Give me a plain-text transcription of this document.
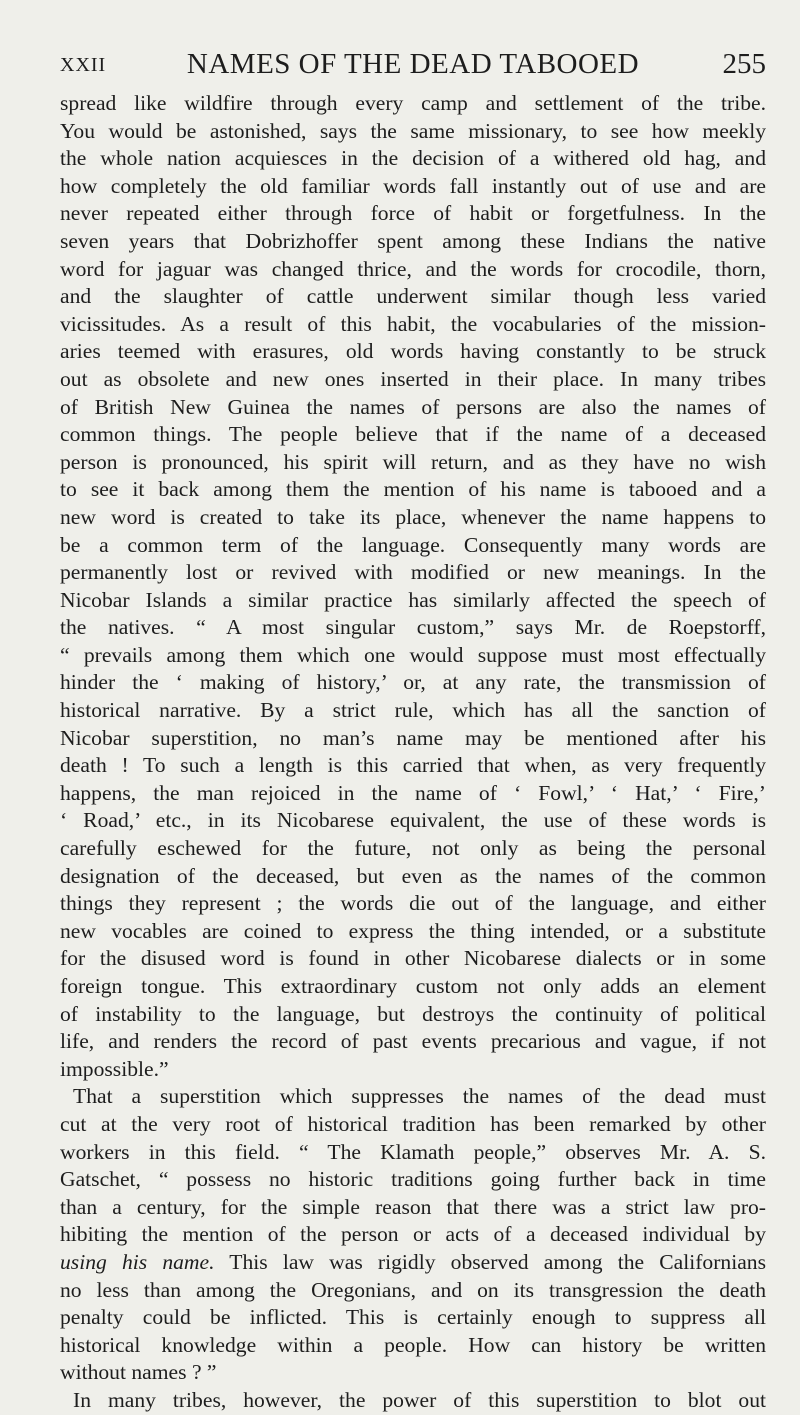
XXII	NAMES OF THE DEAD TABOOED	255
spread like wildfire through every camp and settlement of the tribe.
You would be astonished, says the same missionary, to see how meekly
the whole nation acquiesces in the decision of a withered old hag, and
how completely the old familiar words fall instantly out of use and are
never repeated either through force of habit or forgetfulness. In the
seven years that Dobrizhoffer spent among these Indians the native
word for jaguar was changed thrice, and the words for crocodile, thorn,
and the slaughter of cattle underwent similar though less varied
vicissitudes. As a result of this habit, the vocabularies of the mission-
aries teemed with erasures, old words having constantly to be struck
out as obsolete and new ones inserted in their place. In many tribes
of British New Guinea the names of persons are also the names of
common things. The people believe that if the name of a deceased
person is pronounced, his spirit will return, and as they have no wish
to see it back among them the mention of his name is tabooed and a
new word is created to take its place, whenever the name happens to
be a common term of the language. Consequently many words are
permanently lost or revived with modified or new meanings. In the
Nicobar Islands a similar practice has similarly affected the speech of
the natives. “ A most singular custom,” says Mr. de Roepstorff,
“ prevails among them which one would suppose must most effectually
hinder the ‘ making of history,’ or, at any rate, the transmission of
historical narrative. By a strict rule, which has all the sanction of
Nicobar superstition, no man’s name may be mentioned after his
death ! To such a length is this carried that when, as very frequently
happens, the man rejoiced in the name of ‘ Fowl,’ ‘ Hat,’ ‘ Fire,’
‘ Road,’ etc., in its Nicobarese equivalent, the use of these words is
carefully eschewed for the future, not only as being the personal
designation of the deceased, but even as the names of the common
things they represent ; the words die out of the language, and either
new vocables are coined to express the thing intended, or a substitute
for the disused word is found in other Nicobarese dialects or in some
foreign tongue. This extraordinary custom not only adds an element
of instability to the language, but destroys the continuity of political
life, and renders the record of past events precarious and vague, if not
impossible.”
That a superstition which suppresses the names of the dead must
cut at the very root of historical tradition has been remarked by other
workers in this field. “ The Klamath people,” observes Mr. A. S.
Gatschet, “ possess no historic traditions going further back in time
than a century, for the simple reason that there was a strict law pro-
hibiting the mention of the person or acts of a deceased individual by
using his name. This law was rigidly observed among the Californians
no less than among the Oregonians, and on its transgression the death
penalty could be inflicted. This is certainly enough to suppress all
historical knowledge within a people. How can history be written
without names ? ”
In many tribes, however, the power of this superstition to blot out
